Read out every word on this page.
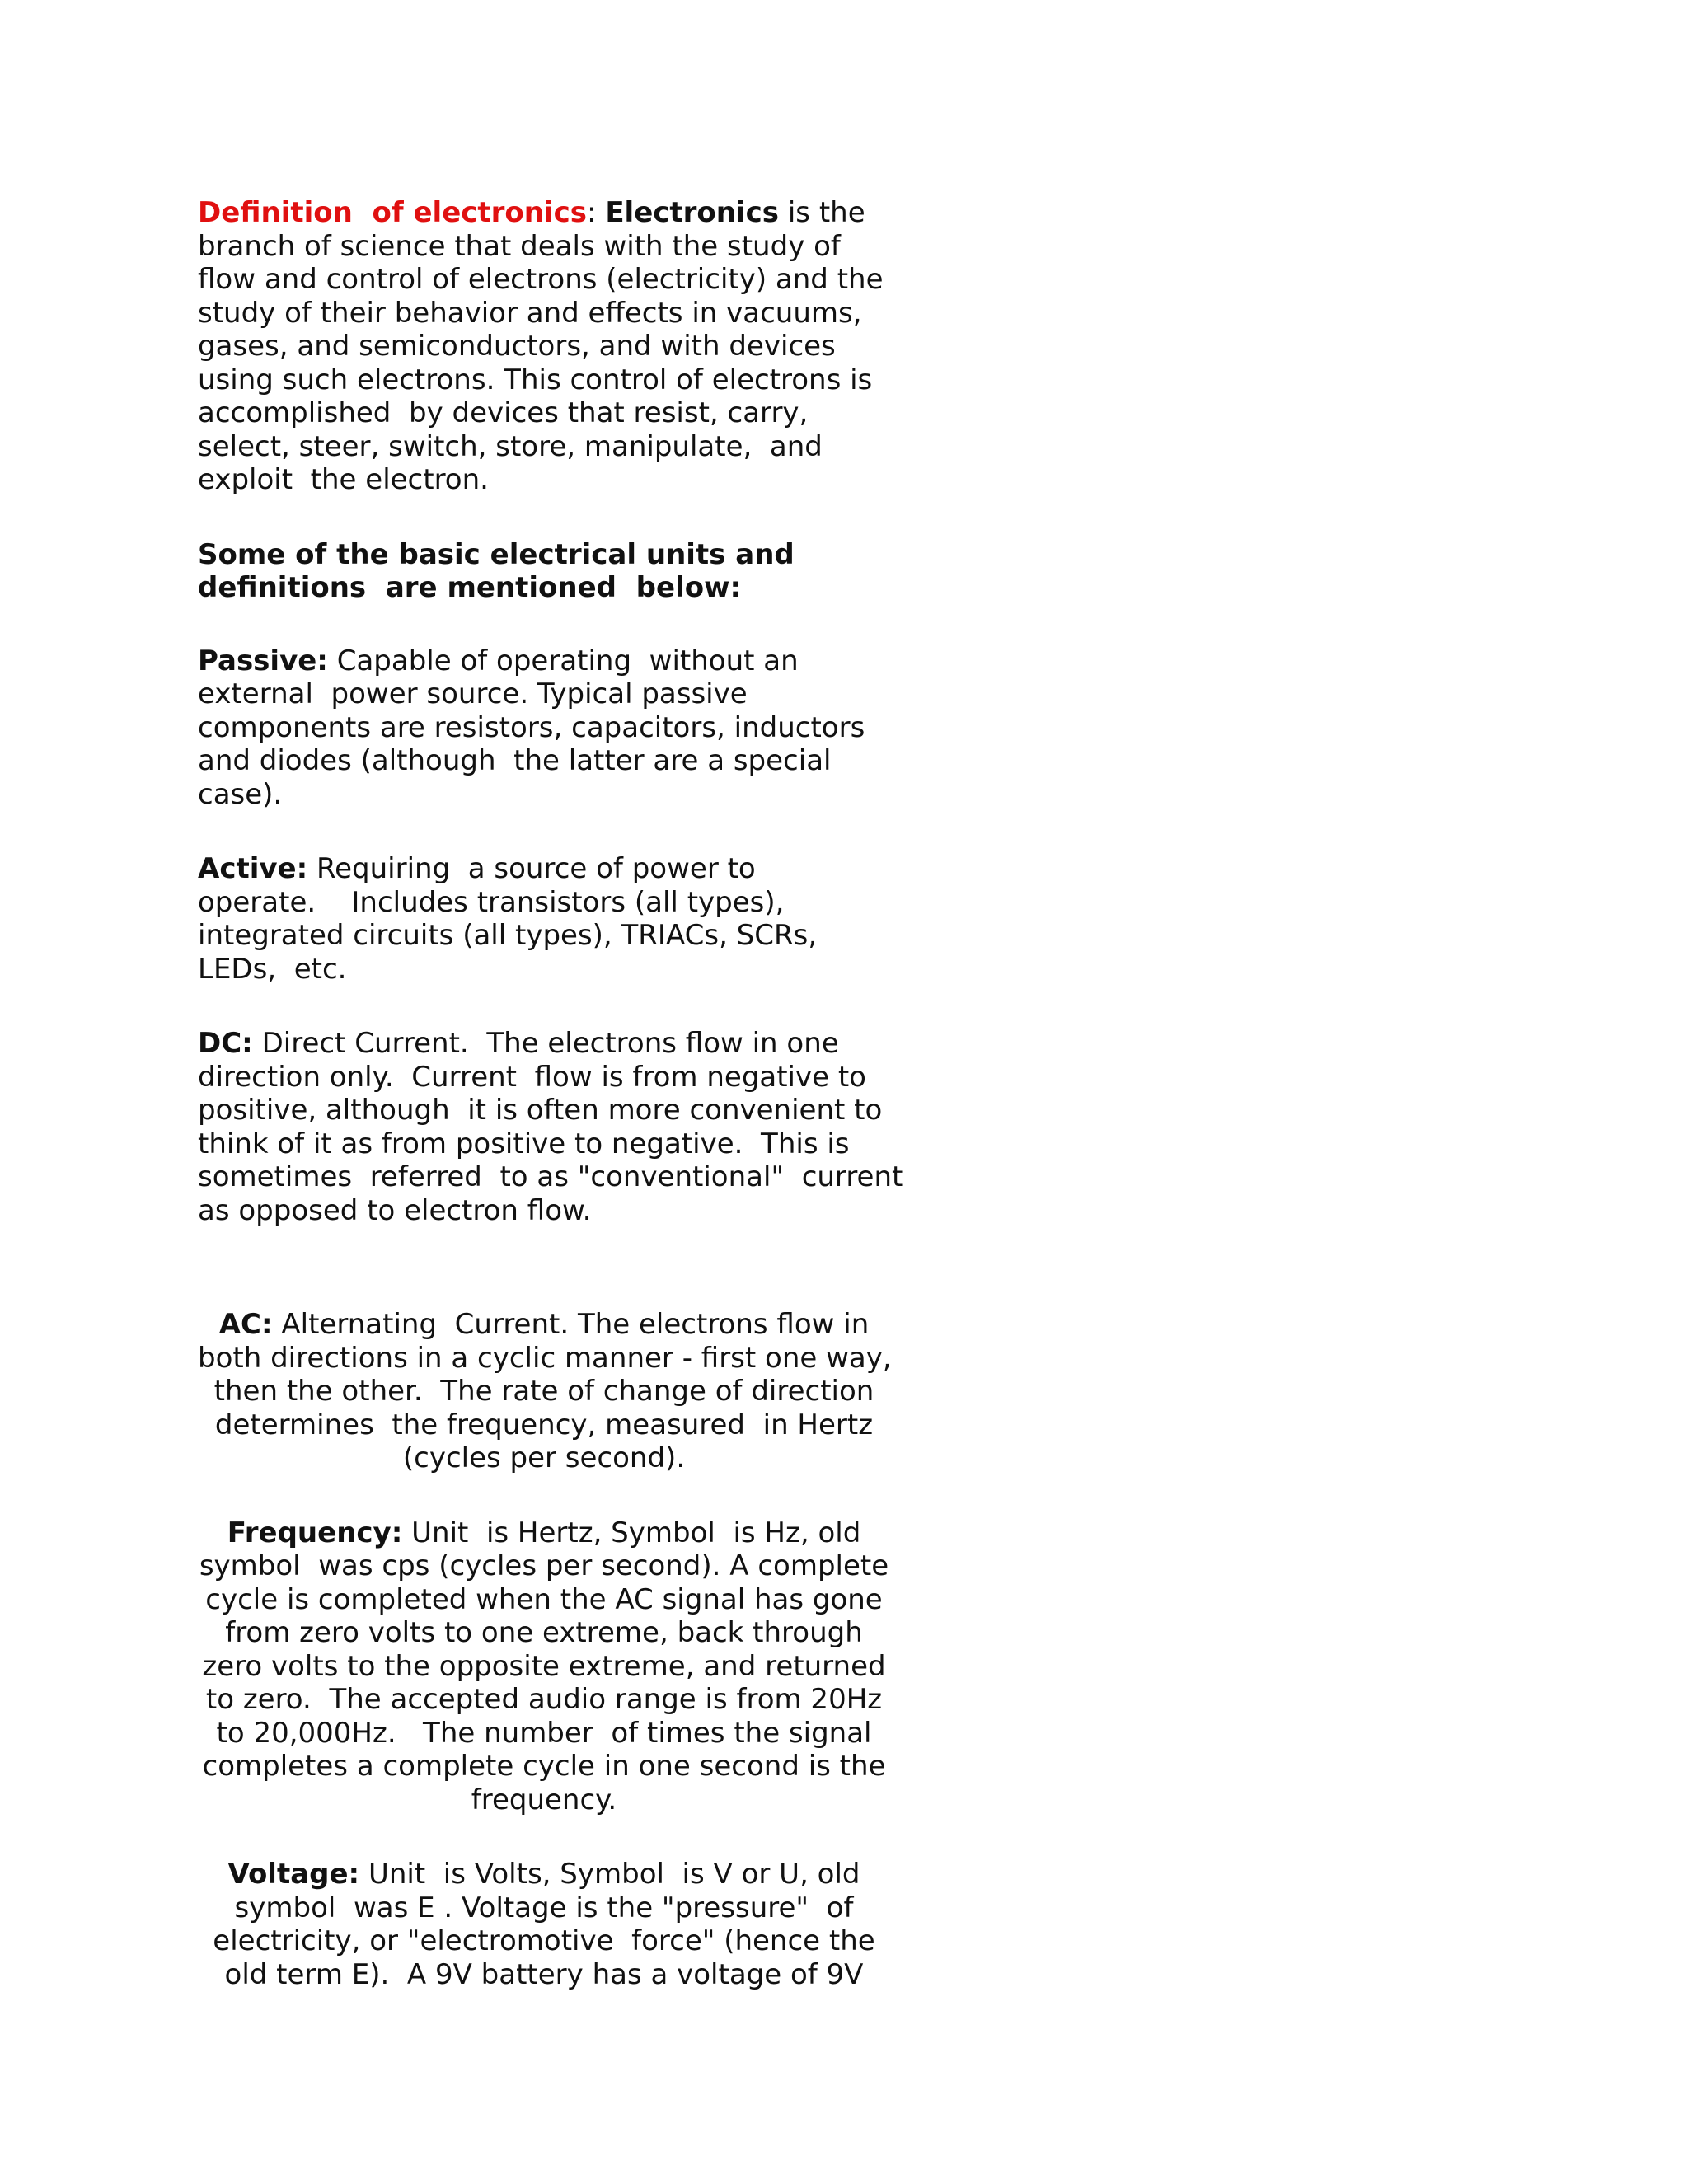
Definition  of electronics: Electronics is the
branch of science that deals with the study of
flow and control of electrons (electricity) and the
study of their behavior and effects in vacuums,
gases, and semiconductors, and with devices
using such electrons. This control of electrons is
accomplished  by devices that resist, carry,
select, steer, switch, store, manipulate,  and
exploit  the electron.

Some of the basic electrical units and
definitions  are mentioned  below:

Passive: Capable of operating  without an
external  power source. Typical passive
components are resistors, capacitors, inductors
and diodes (although  the latter are a special
case).

Active: Requiring  a source of power to
operate.    Includes transistors (all types),
integrated circuits (all types), TRIACs, SCRs,
LEDs,  etc.

DC: Direct Current.  The electrons flow in one
direction only.  Current  flow is from negative to
positive, although  it is often more convenient to
think of it as from positive to negative.  This is
sometimes  referred  to as "conventional"  current
as opposed to electron flow.

AC: Alternating  Current. The electrons flow in
both directions in a cyclic manner - first one way,
then the other.  The rate of change of direction
determines  the frequency, measured  in Hertz
(cycles per second).

Frequency: Unit  is Hertz, Symbol  is Hz, old
symbol  was cps (cycles per second). A complete
cycle is completed when the AC signal has gone
from zero volts to one extreme, back through
zero volts to the opposite extreme, and returned
to zero.  The accepted audio range is from 20Hz
to 20,000Hz.   The number  of times the signal
completes a complete cycle in one second is the
frequency.

Voltage: Unit  is Volts, Symbol  is V or U, old
symbol  was E . Voltage is the "pressure"  of
electricity, or "electromotive  force" (hence the
old term E).  A 9V battery has a voltage of 9V
